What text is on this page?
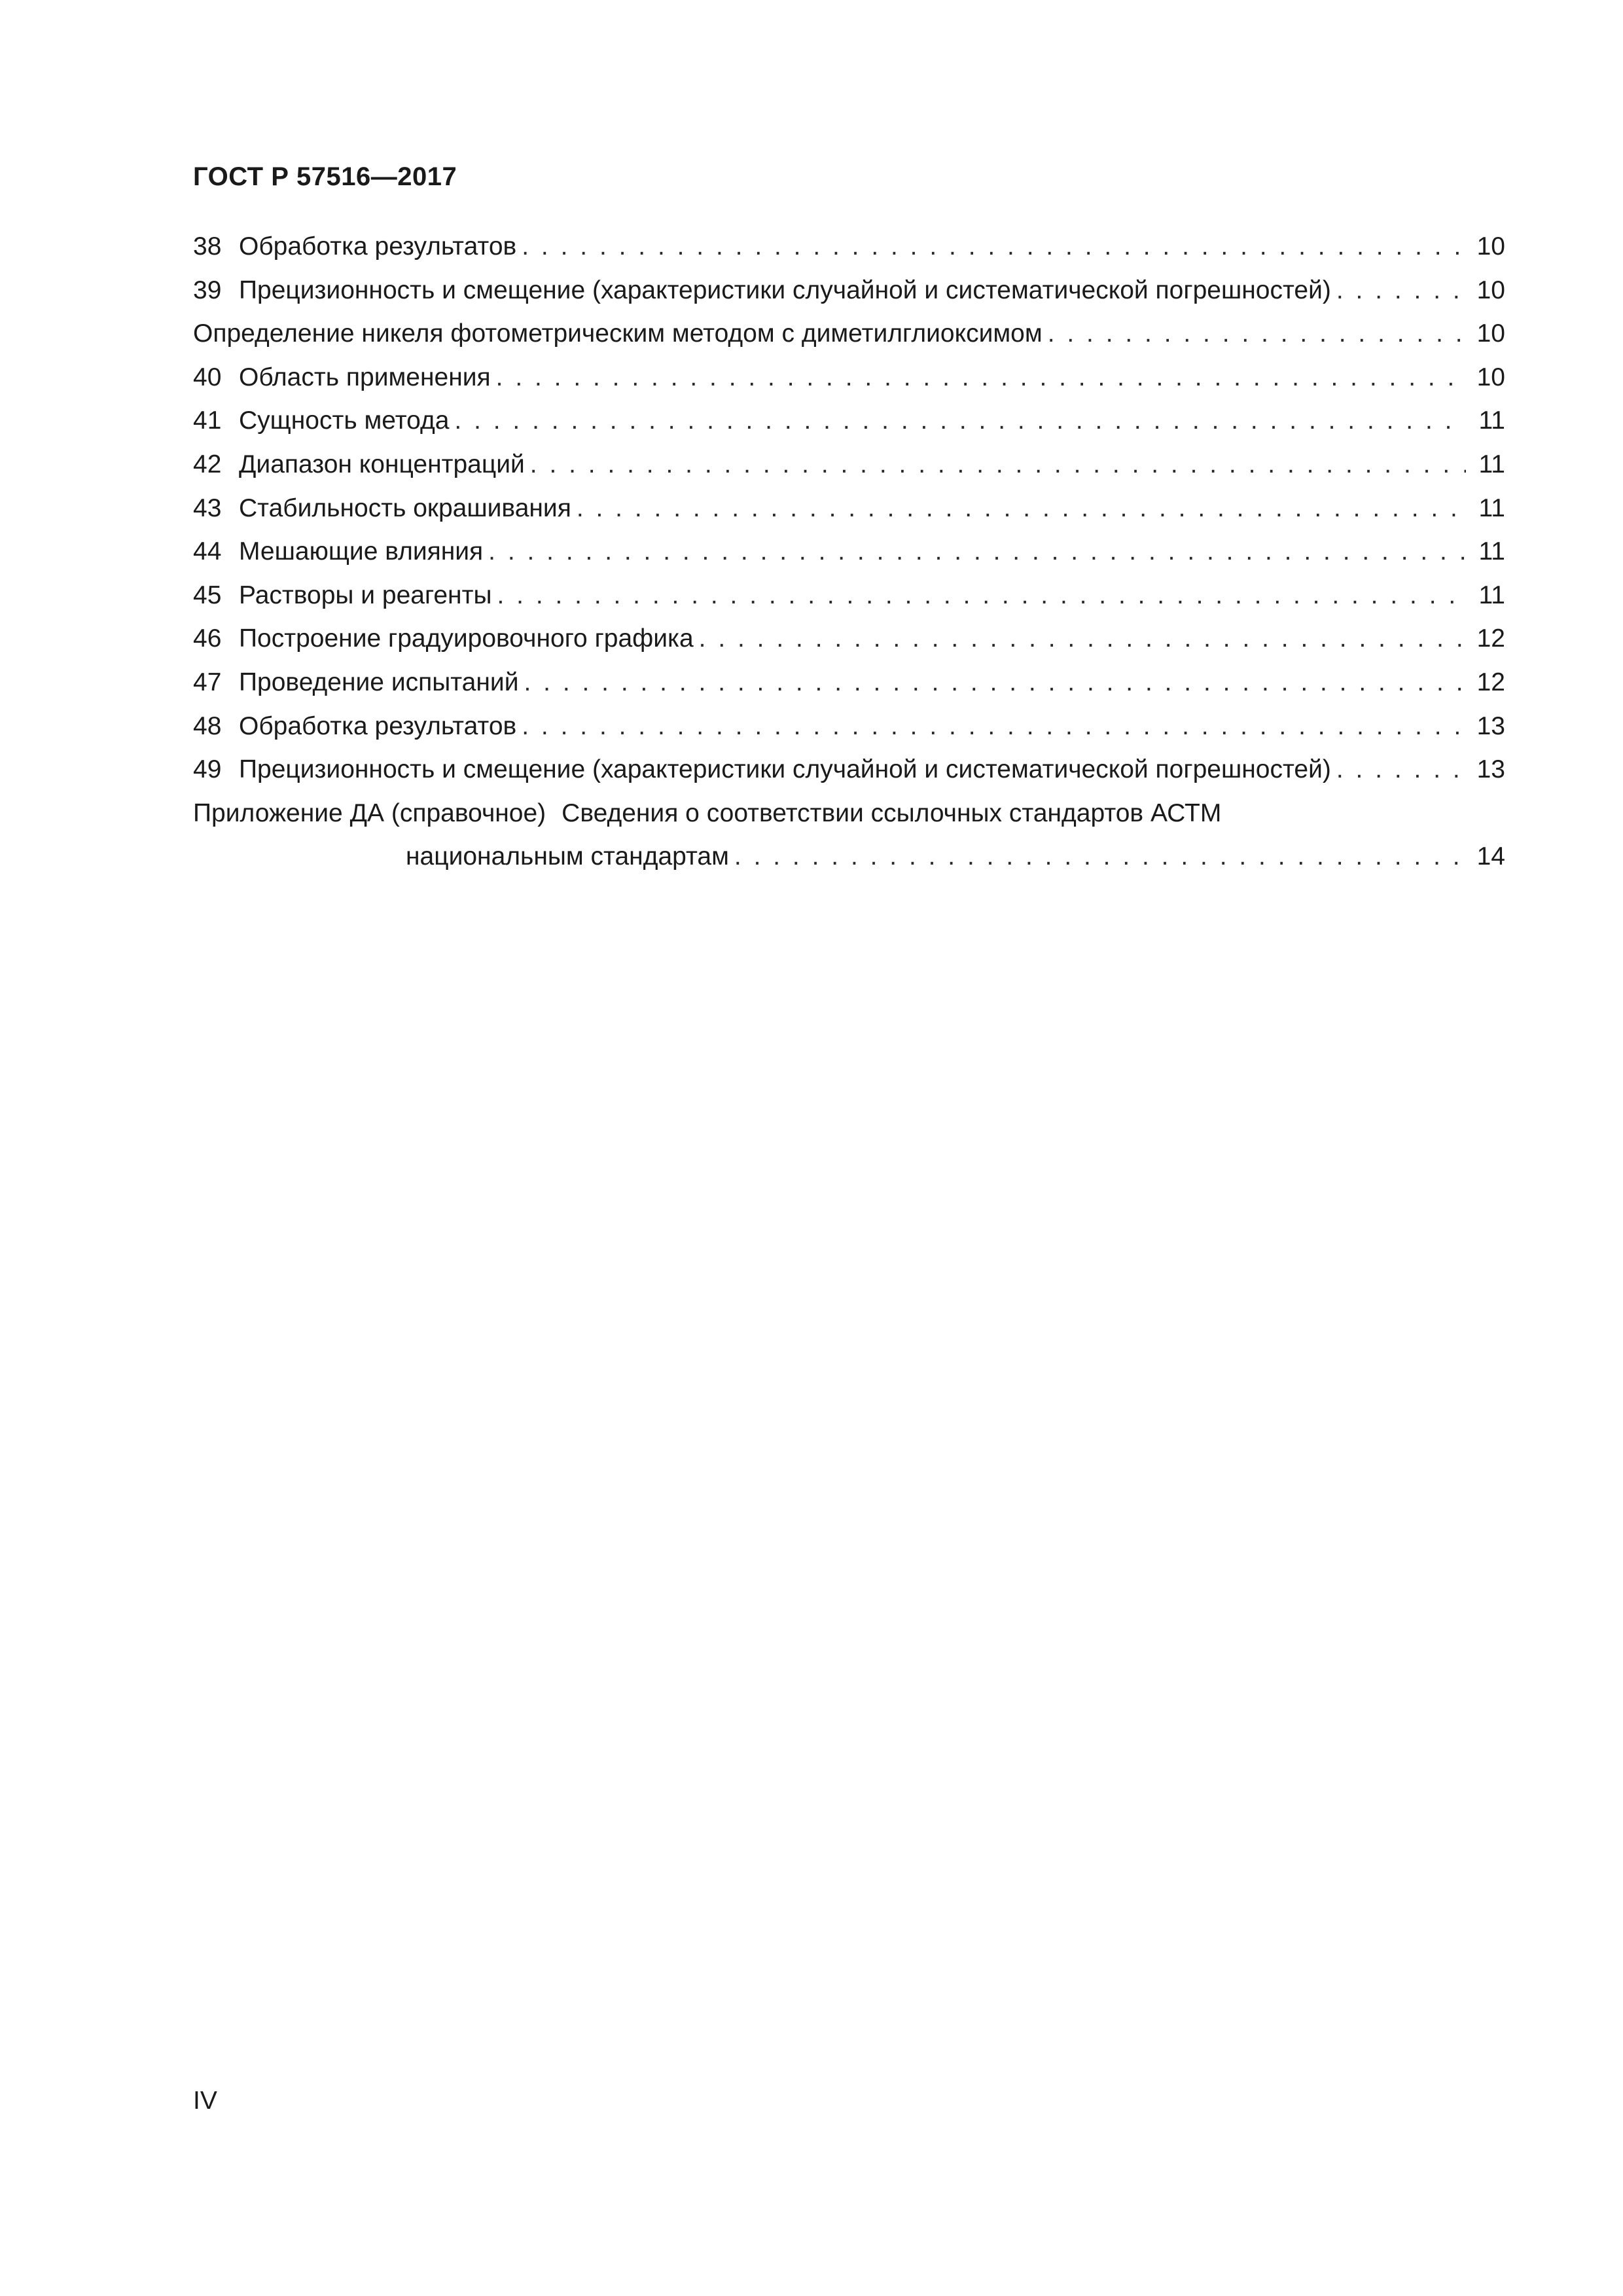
ГОСТ Р 57516—2017
38 Обработка результатов . . .	10
39 Прецизионность и смещение (характеристики случайной и систематической погрешностей) . . .	10
Определение никеля фотометрическим методом с диметилглиоксимом . . .	10
40 Область применения . . .	10
41 Сущность метода . . .	11
42 Диапазон концентраций . . .	11
43 Стабильность окрашивания . . .	11
44 Мешающие влияния . . .	11
45 Растворы и реагенты . . .	11
46 Построение градуировочного графика . . .	12
47 Проведение испытаний . . .	12
48 Обработка результатов . . .	13
49 Прецизионность и смещение (характеристики случайной и систематической погрешностей) . . .	13
Приложение ДА (справочное) Сведения о соответствии ссылочных стандартов АСТМ
национальным стандартам . . .	14
IV
